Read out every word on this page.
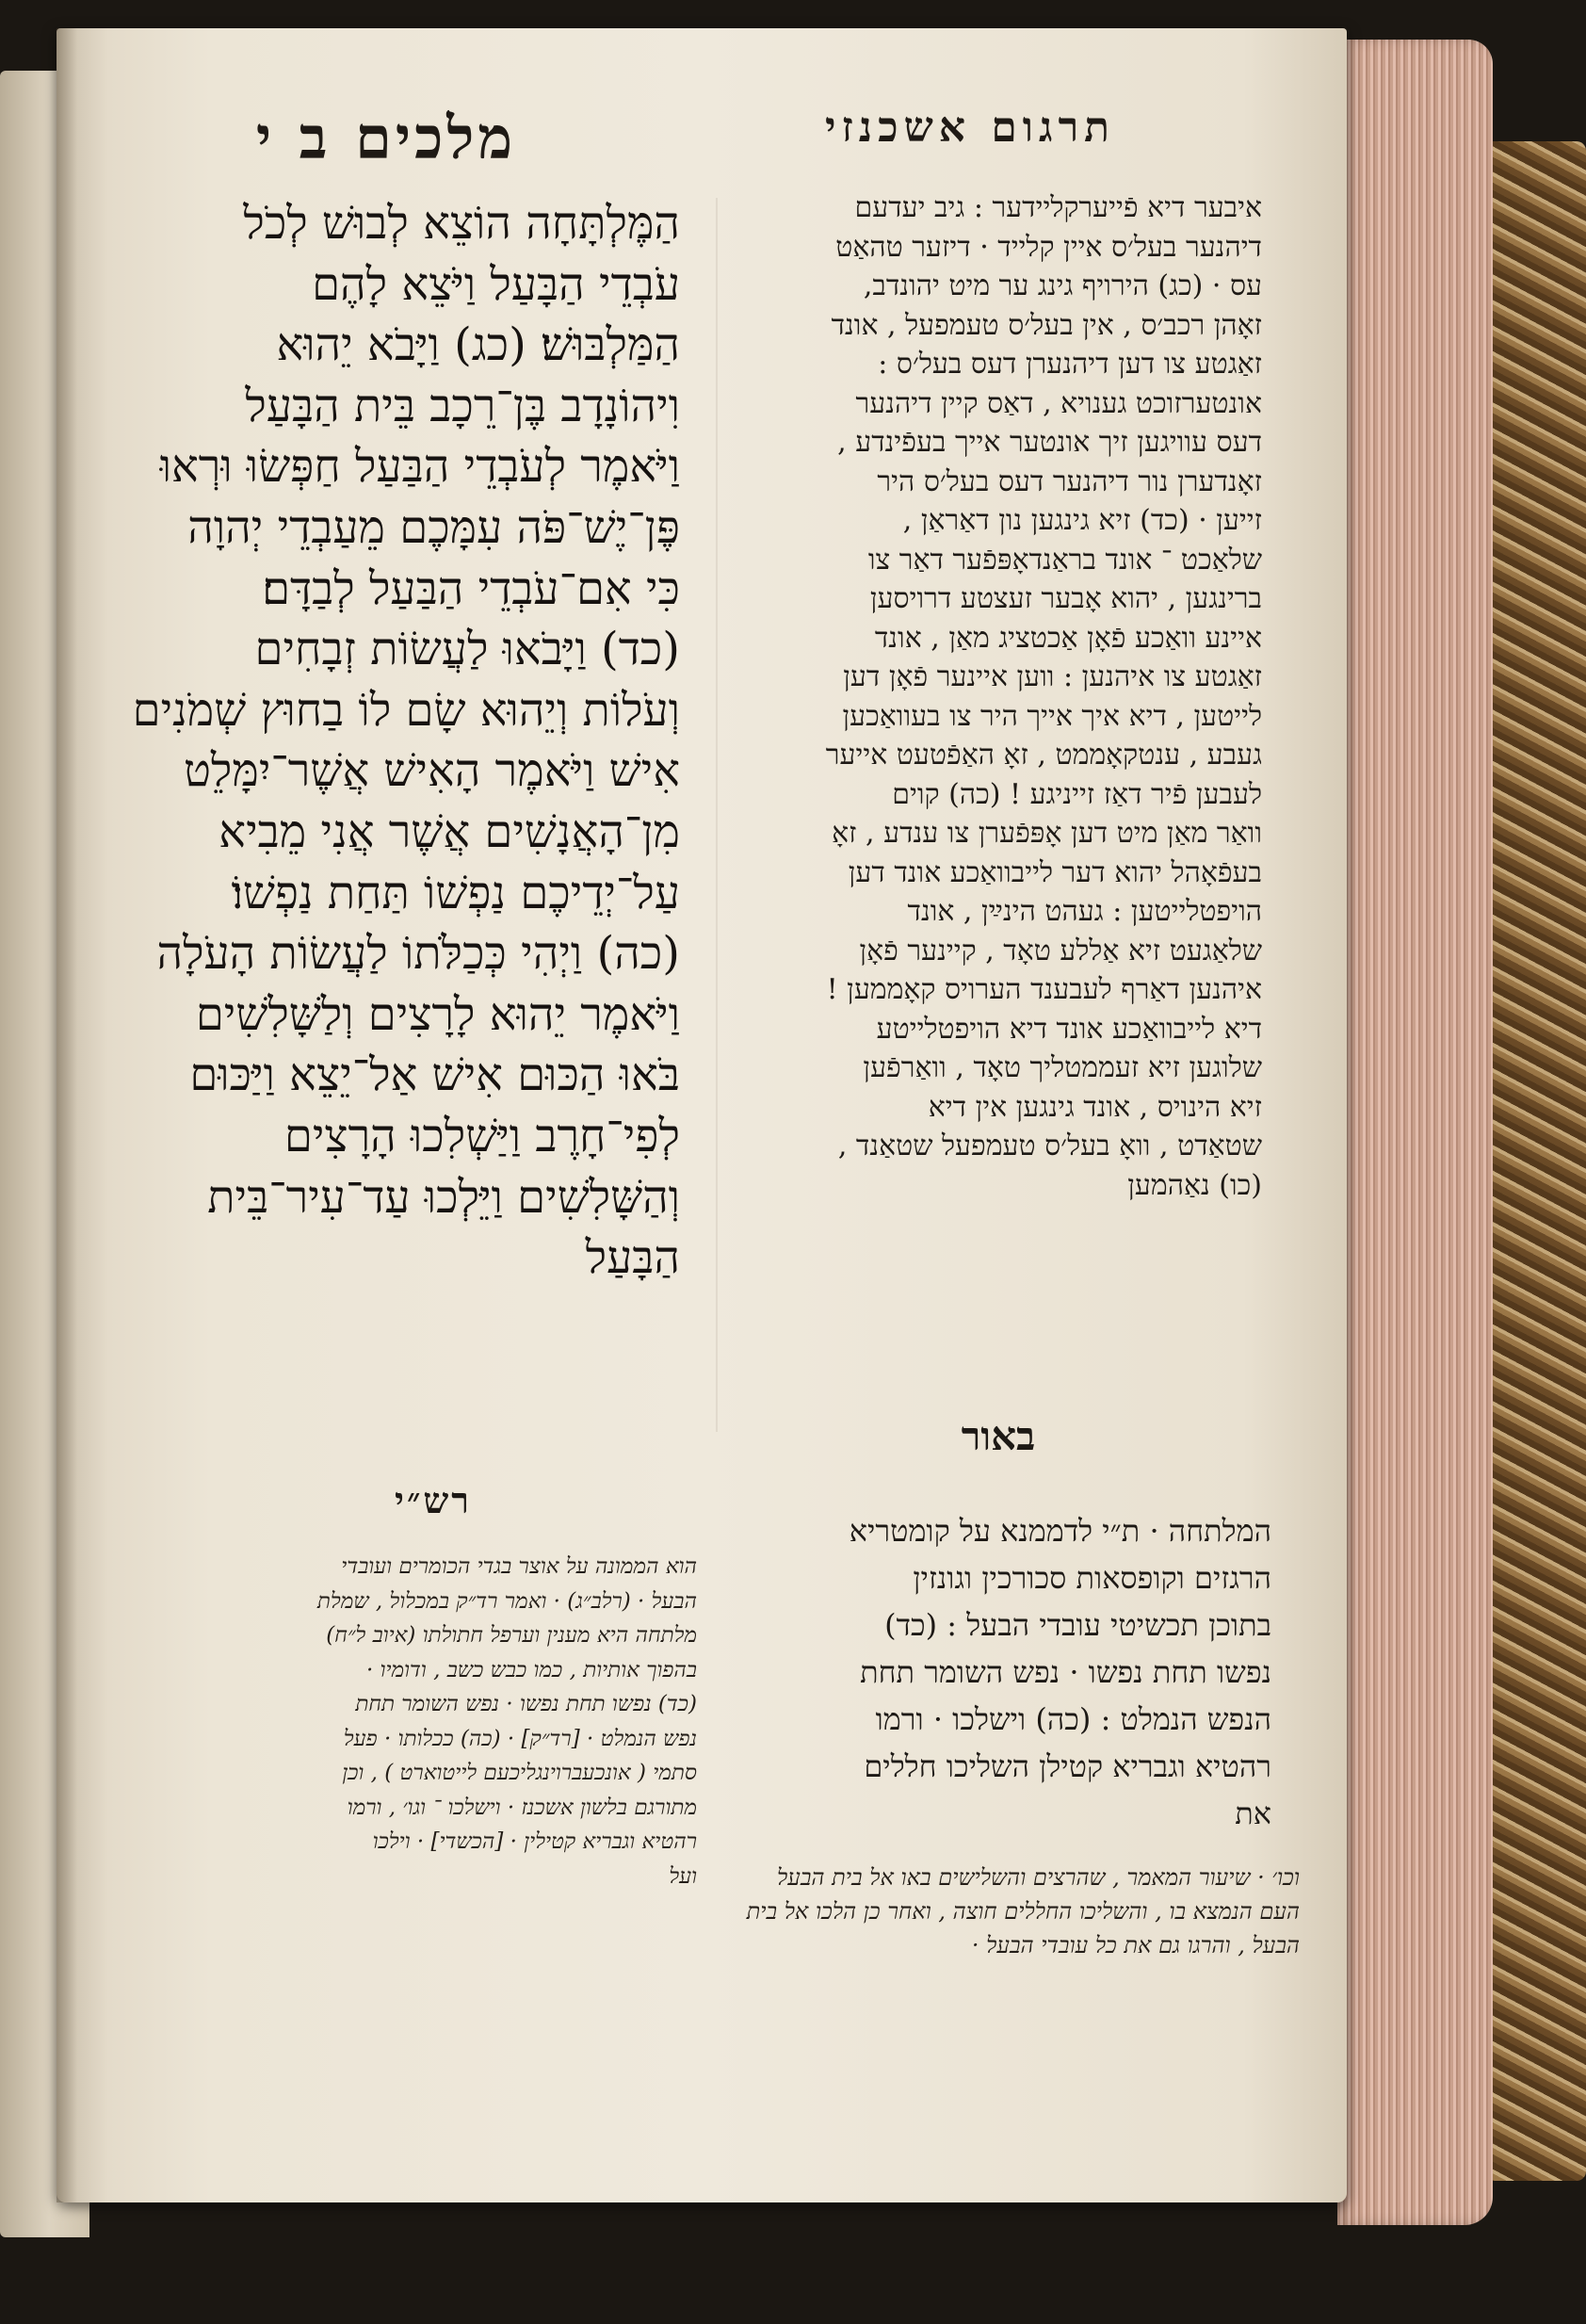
תרגום אשכנזי
מלכים ב י
הַמֶּלְתָּחָה הוֹצֵא לְבוּשׁ לְכֹל
עֹבְדֵי הַבָּעַל וַיֹּצֵא לָהֶם
הַמַּלְבּוּשׁ׃ (כג) וַיָּבֹא יֵהוּא
וִיהוֹנָדָב בֶּן־רֵכָב בֵּית הַבָּעַל
וַיֹּאמֶר לְעֹבְדֵי הַבַּעַל חַפְּשׂוּ וּרְאוּ
פֶּן־יֶשׁ־פֹּה עִמָּכֶם מֵעַבְדֵי יְהוָה
כִּי אִם־עֹבְדֵי הַבַּעַל לְבַדָּם׃
(כד) וַיָּבֹאוּ לַעֲשׂוֹת זְבָחִים
וְעֹלוֹת וְיֵהוּא שָׂם לוֹ בַחוּץ שְׁמֹנִים
אִישׁ וַיֹּאמֶר הָאִישׁ אֲשֶׁר־יִמָּלֵט
מִן־הָאֲנָשִׁים אֲשֶׁר אֲנִי מֵבִיא
עַל־יְדֵיכֶם נַפְשׁוֹ תַּחַת נַפְשׁוֹ׃
(כה) וַיְהִי כְּכַלֹּתוֹ לַעֲשׂוֹת הָעֹלָה
וַיֹּאמֶר יֵהוּא לָרָצִים וְלַשָּׁלִשִׁים
בֹּאוּ הַכּוּם אִישׁ אַל־יֵצֵא וַיַּכּוּם
לְפִי־חָרֶב וַיַּשְׁלִכוּ הָרָצִים
וְהַשָּׁלִשִׁים וַיֵּלְכוּ עַד־עִיר־בֵּית
הַבָּעַל
איבער דיא פֿייערקליידער : גיב יעדעם
דיהנער בעל׳ס איין קלייד · דיזער טהאַט
עס · (כג) הירויף גינג ער מיט יהונדב,
זאָהן רכב׳ס , אין בעל׳ס טעמפעל , אונד
זאַגטע צו דען דיהנערן דעס בעל׳ס :
אונטערזוכט גענויא , דאַס קיין דיהנער
דעס עוויגען זיך אונטער אייך בעפֿינדע ,
זאָנדערן נור דיהנער דעס בעל׳ס היר
זייען · (כד) זיא גינגען נון דאַראַן ,
שלאַכט ־ אונד בראַנדאָפּפֿער דאַר צו
ברינגען , יהוא אָבער זעצטע דרויסען
איינע וואַכע פֿאָן אַכטציג מאַן , אונד
זאַגטע צו איהנען : ווען איינער פֿאָן דען
לייטען , דיא איך אייך היר צו בעוואַכען
געבע , ענטקאָממט , זאָ האַפֿטעט אייער
לעבען פֿיר דאַז זייניגע ! (כה) קוים
וואַר מאַן מיט דען אָפּפֿערן צו ענדע , זאָ
בעפֿאָהל יהוא דער לייבוואַכע אונד דען
הויפטלייטען : געהט הינײַן , אונד
שלאַגעט זיא אַללע טאָד , קיינער פֿאָן
איהנען דאַרף לעבענד הערויס קאָממען !
דיא לייבוואַכע אונד דיא הויפטלייטע
שלוגען זיא זעממטליך טאָד , וואַרפֿען
זיא הינויס , אונד גינגען אין דיא
שטאַדט , וואָ בעל׳ס טעמפעל שטאַנד ,
(כו) נאַהמען
באור
המלתחה · ת״י לדממנא על קומטריא
הרגזים וקופסאות סכורכין וגונזין
בתוכן תכשיטי עובדי הבעל : (כד)
נפשו תחת נפשו · נפש השומר תחת
הנפש הנמלט : (כה) וישלכו · ורמו
רהטיא וגבריא קטילן השליכו חללים
את
רש״י
הוא הממונה על אוצר בגדי הכומרים ועובדי
הבעל · (רלב״ג) · ואמר רד״ק במכלול , שמלת
מלתחה היא מענין וערפל חתולתו (איוב ל״ח)
בהפוך אותיות , כמו כבש כשב , ודומיו ·
(כד) נפשו תחת נפשו · נפש השומר תחת
נפש הנמלט · [רד״ק] · (כה) ככלותו · פעל
סתמי ( אונכעברוינגליכעם לייטוארט ) , וכן
מתורגם בלשון אשכנז · וישלכו ־ וגו׳ , ורמו
רהטיא וגבריא קטילין · [הכשדי] · וילכו
ועל	וכו׳ · שיעור המאמר , שהרצים והשלישים באו אל בית הבעל
העם הנמצא בו , והשליכו החללים חוצה , ואחר כן הלכו אל בית
הבעל , והרגו גם את כל עובדי הבעל ·
